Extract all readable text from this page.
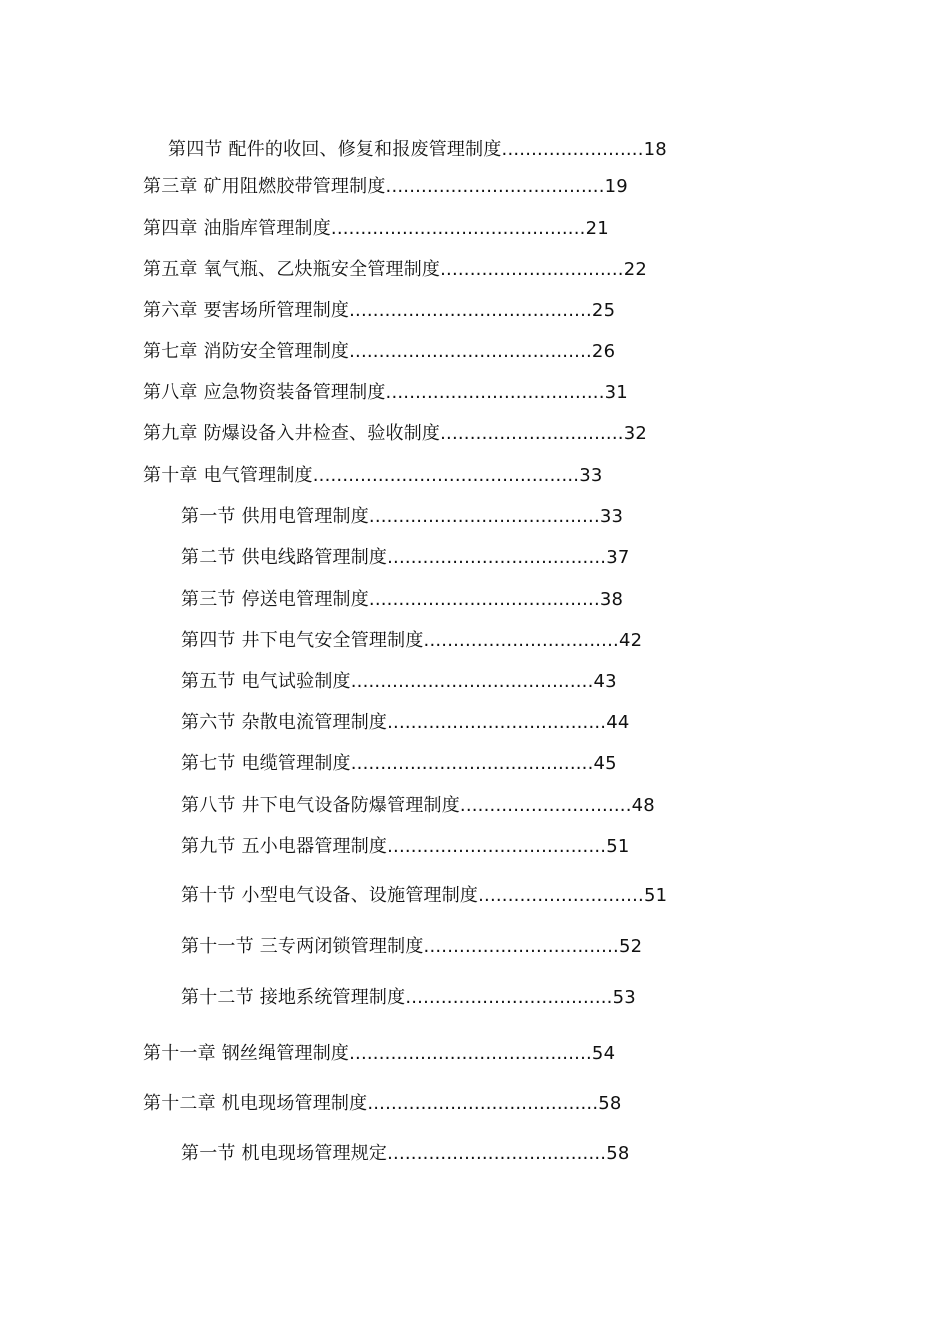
第四节 配件的收回、修复和报废管理制度........................18
第三章 矿用阻燃胶带管理制度.....................................19
第四章 油脂库管理制度...........................................21
第五章 氧气瓶、乙炔瓶安全管理制度...............................22
第六章 要害场所管理制度.........................................25
第七章 消防安全管理制度.........................................26
第八章 应急物资装备管理制度.....................................31
第九章 防爆设备入井检查、验收制度...............................32
第十章 电气管理制度.............................................33
第一节 供用电管理制度.......................................33
第二节 供电线路管理制度.....................................37
第三节 停送电管理制度.......................................38
第四节 井下电气安全管理制度.................................42
第五节 电气试验制度.........................................43
第六节 杂散电流管理制度.....................................44
第七节 电缆管理制度.........................................45
第八节 井下电气设备防爆管理制度.............................48
第九节 五小电器管理制度.....................................51
第十节 小型电气设备、设施管理制度............................51
第十一节 三专两闭锁管理制度.................................52
第十二节 接地系统管理制度...................................53
第十一章 钢丝绳管理制度.........................................54
第十二章 机电现场管理制度.......................................58
第一节 机电现场管理规定.....................................58
